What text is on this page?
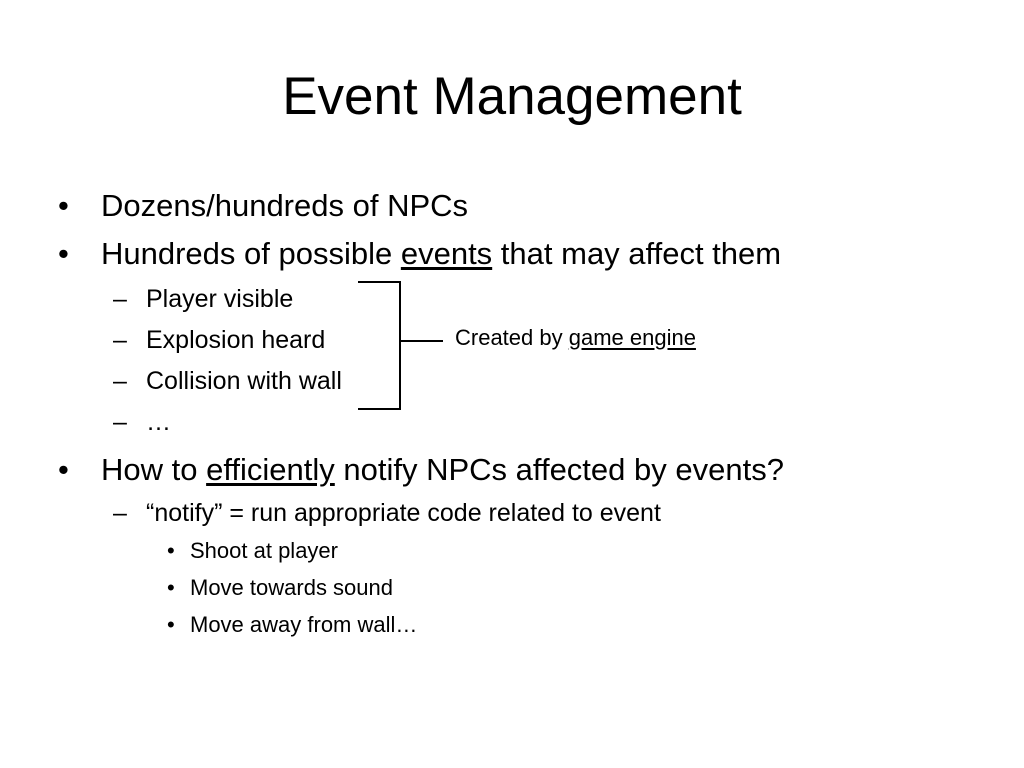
Event Management
• Dozens/hundreds of NPCs
• Hundreds of possible events that may affect them
– Player visible
– Explosion heard
– Collision with wall
– …
Created by game engine
• How to efficiently notify NPCs affected by events?
– “notify” = run appropriate code related to event
• Shoot at player
• Move towards sound
• Move away from wall…
